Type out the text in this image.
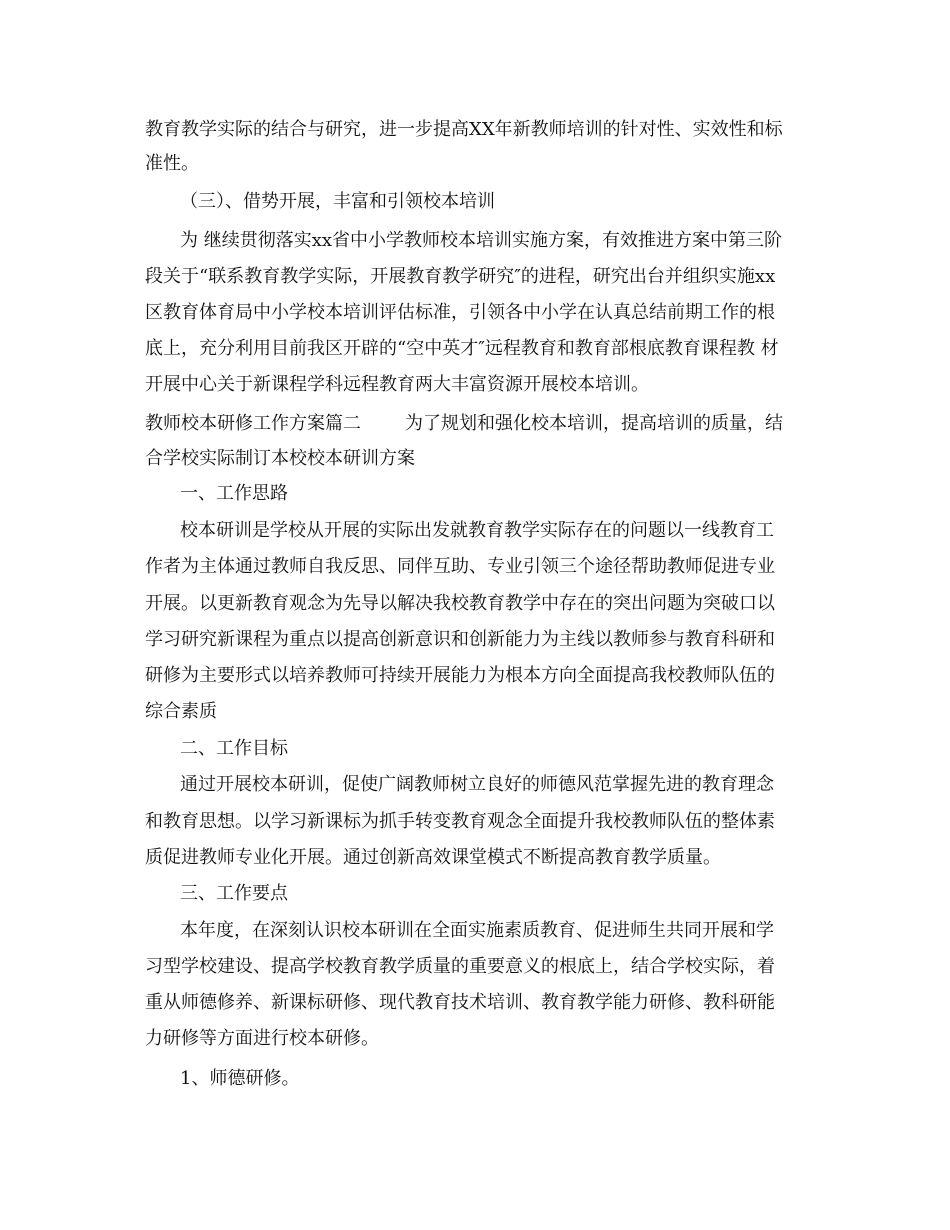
教育教学实际的结合与研究，进一步提高XX年新教师培训的针对性、实效性和标
准性。
（三）、借势开展，丰富和引领校本培训
为 继续贯彻落实xx省中小学教师校本培训实施方案，有效推进方案中第三阶
段关于“联系教育教学实际，开展教育教学研究″的进程，研究出台并组织实施xx
区教育体育局中小学校本培训评估标准，引领各中小学在认真总结前期工作的根
底上，充分利用目前我区开辟的“空中英才″远程教育和教育部根底教育课程教 材
开展中心关于新课程学科远程教育两大丰富资源开展校本培训。
教师校本研修工作方案篇二 为了规划和强化校本培训，提高培训的质量，结
合学校实际制订本校校本研训方案
一、工作思路
校本研训是学校从开展的实际出发就教育教学实际存在的问题以一线教育工
作者为主体通过教师自我反思、同伴互助、专业引领三个途径帮助教师促进专业
开展。以更新教育观念为先导以解决我校教育教学中存在的突出问题为突破口以
学习研究新课程为重点以提高创新意识和创新能力为主线以教师参与教育科研和
研修为主要形式以培养教师可持续开展能力为根本方向全面提高我校教师队伍的
综合素质
二、工作目标
通过开展校本研训，促使广阔教师树立良好的师德风范掌握先进的教育理念
和教育思想。以学习新课标为抓手转变教育观念全面提升我校教师队伍的整体素
质促进教师专业化开展。通过创新高效课堂模式不断提高教育教学质量。
三、工作要点
本年度，在深刻认识校本研训在全面实施素质教育、促进师生共同开展和学
习型学校建设、提高学校教育教学质量的重要意义的根底上，结合学校实际，着
重从师德修养、新课标研修、现代教育技术培训、教育教学能力研修、教科研能
力研修等方面进行校本研修。
1、师德研修。
